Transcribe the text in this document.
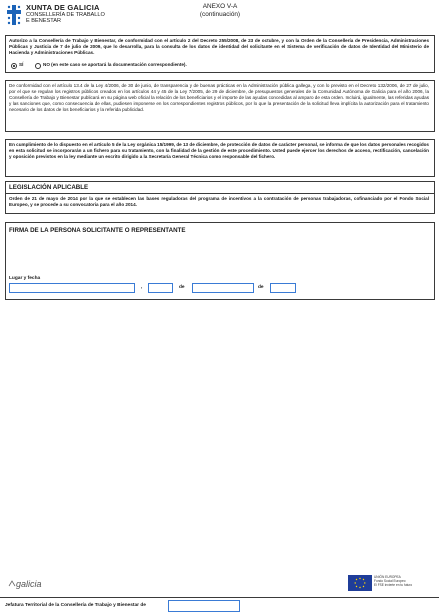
XUNTA DE GALICIA
CONSELLERÍA DE TRABALLO
E BENESTAR
ANEXO V-A
(continuación)
Autorizo a la Consellería de Trabajo y Bienestar, de conformidad con el artículo 2 del Decreto 255/2008, de 23 de octubre, y con la Orden de la Consellería de Presidencia, Administraciones Públicas y Justicia de 7 de julio de 2009, que lo desarrolla, para la consulta de los datos de identidad del solicitante en el Sistema de verificación de datos de Identidad del Ministerio de Hacienda y Administraciones Públicas.
SÍ	NO (en este caso se aportará la documentación correspondiente).
De conformidad con el artículo 13.4 de la Ley 4/2006, de 30 de junio, de transparencia y de buenas prácticas en la Administración pública gallega, y con lo previsto en el Decreto 132/2006, de 27 de julio, por el que se regulan los registros públicos creados en los artículos 44 y 45 de la Ley 7/2005, de 29 de diciembre, de presupuestos generales de la Comunidad Autónoma de Galicia para el año 2006, la Consellería de Trabajo y Bienestar publicará en su página web oficial la relación de los beneficiarios y el importe de las ayudas concedidas al amparo de esta orden. Incluirá, igualmente, las referidas ayudas y las sanciones que, como consecuencia de ellas, pudiesen imponerse en los correspondientes registros públicos, por lo que la presentación de la solicitud lleva implícita la autorización para el tratamiento necesario de los datos de los beneficiarios y la referida publicidad.
En cumplimiento de lo dispuesto en el artículo 5 de la Ley orgánica 15/1999, de 13 de diciembre, de protección de datos de carácter personal, se informa de que los datos personales recogidos en esta solicitud se incorporarán a un fichero para su tratamiento, con la finalidad de la gestión de este procedimiento. Usted puede ejercer los derechos de acceso, rectificación, cancelación y oposición previstos en la ley mediante un escrito dirigido a la Secretaría General Técnica como responsable del fichero.
LEGISLACIÓN APLICABLE
Orden de 21 de mayo de 2014 por la que se establecen las bases reguladoras del programa de incentivos a la contratación de personas trabajadoras, cofinanciado por el Fondo Social Europeo, y se procede a su convocatoria para el año 2014.
FIRMA DE LA PERSONA SOLICITANTE O REPRESENTANTE
Lugar y fecha
,	de	de
galicia
UNIÓN EUROPEA
Fondo Social Europeo
El FSE invierte en tu futuro
Jefatura Territorial de la Consellería de Trabajo y Bienestar de
